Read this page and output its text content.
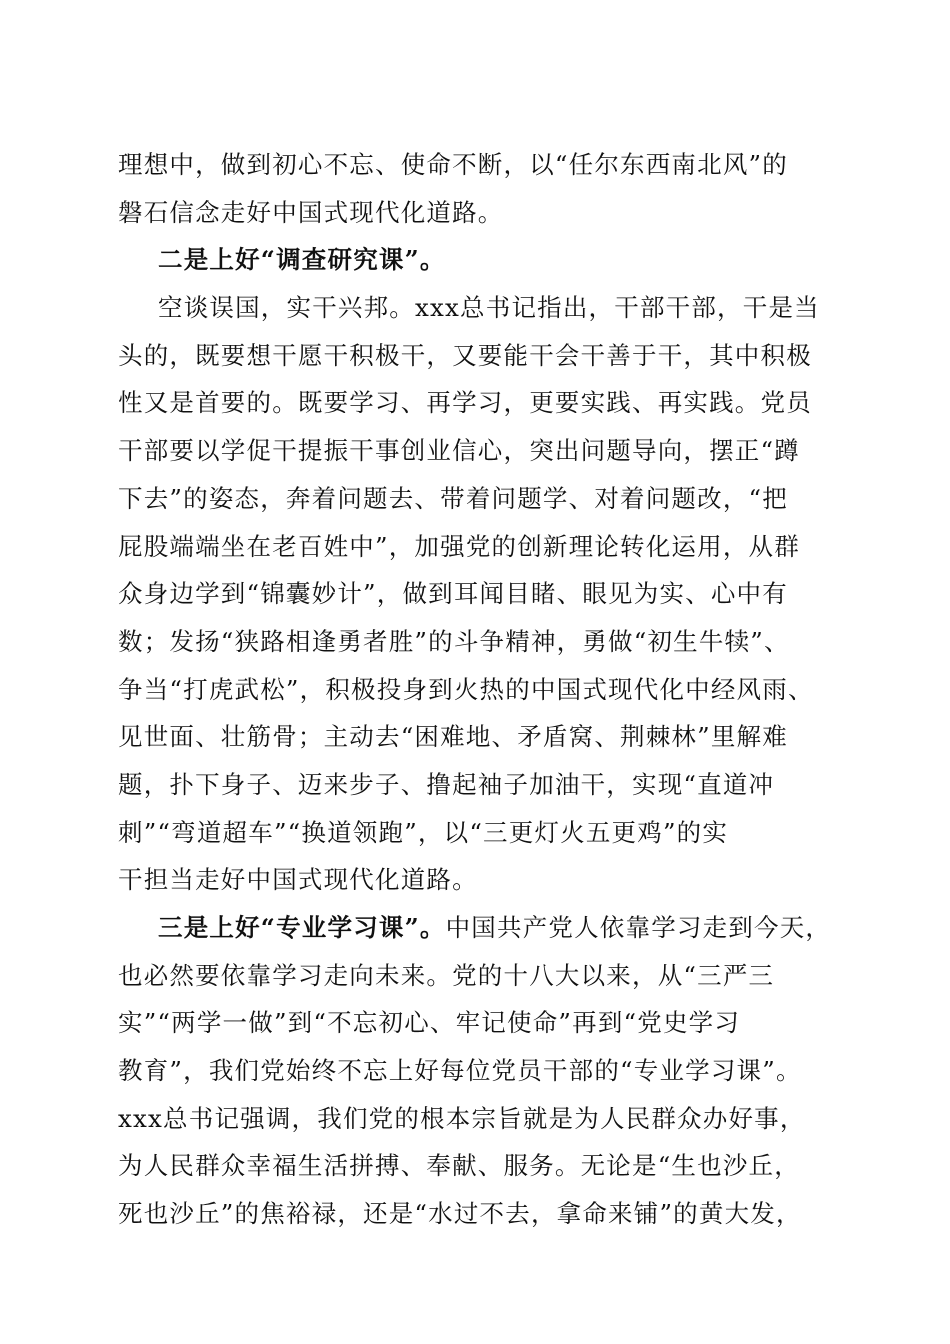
理想中，做到初心不忘、使命不断，以“任尔东西南北风”的
磐石信念走好中国式现代化道路。
二是上好“调查研究课”。
空谈误国，实干兴邦。xxx总书记指出，干部干部，干是当
头的，既要想干愿干积极干，又要能干会干善于干，其中积极
性又是首要的。既要学习、再学习，更要实践、再实践。党员
干部要以学促干提振干事创业信心，突出问题导向，摆正“蹲
下去”的姿态，奔着问题去、带着问题学、对着问题改，“把
屁股端端坐在老百姓中”，加强党的创新理论转化运用，从群
众身边学到“锦囊妙计”，做到耳闻目睹、眼见为实、心中有
数；发扬“狭路相逢勇者胜”的斗争精神，勇做“初生牛犊”、
争当“打虎武松”，积极投身到火热的中国式现代化中经风雨、
见世面、壮筋骨；主动去“困难地、矛盾窝、荆棘林”里解难
题，扑下身子、迈来步子、撸起袖子加油干，实现“直道冲
刺”“弯道超车”“换道领跑”，以“三更灯火五更鸡”的实
干担当走好中国式现代化道路。
三是上好“专业学习课”。中国共产党人依靠学习走到今天，
也必然要依靠学习走向未来。党的十八大以来，从“三严三
实”“两学一做”到“不忘初心、牢记使命”再到“党史学习
教育”，我们党始终不忘上好每位党员干部的“专业学习课”。
xxx总书记强调，我们党的根本宗旨就是为人民群众办好事，
为人民群众幸福生活拼搏、奉献、服务。无论是“生也沙丘，
死也沙丘”的焦裕禄，还是“水过不去，拿命来铺”的黄大发，
